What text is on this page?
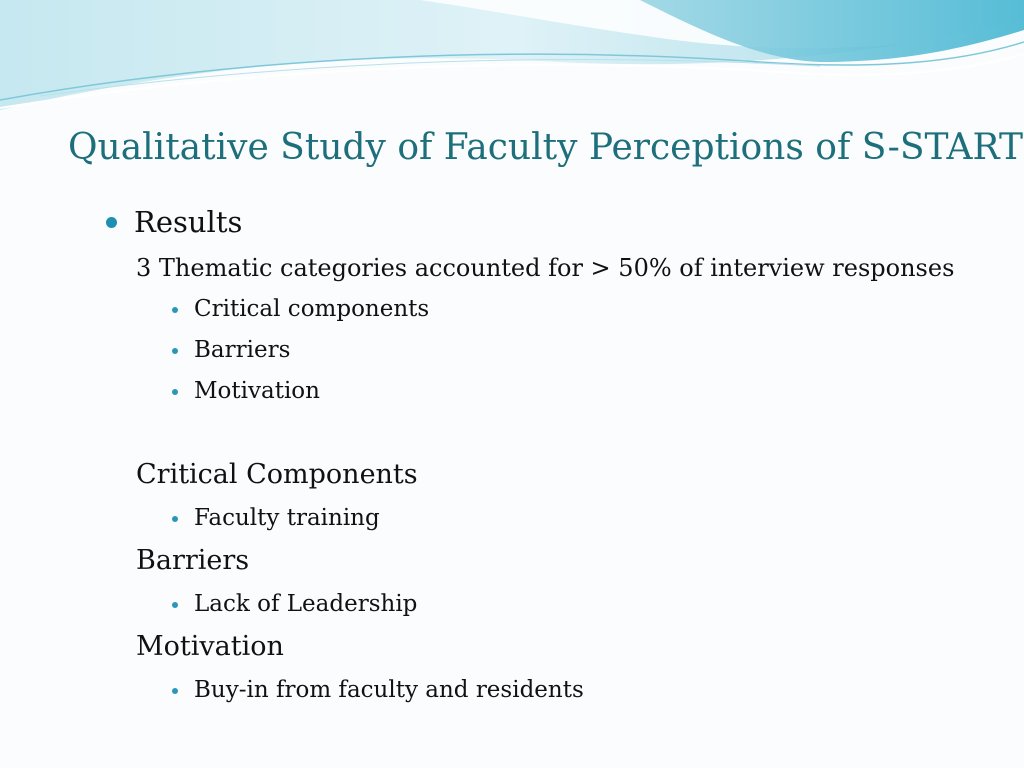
Qualitative Study of Faculty Perceptions of S-START
Results
3 Thematic categories accounted for > 50% of interview responses
Critical components
Barriers
Motivation
Critical Components
Faculty training
Barriers
Lack of Leadership
Motivation
Buy-in from faculty and residents
